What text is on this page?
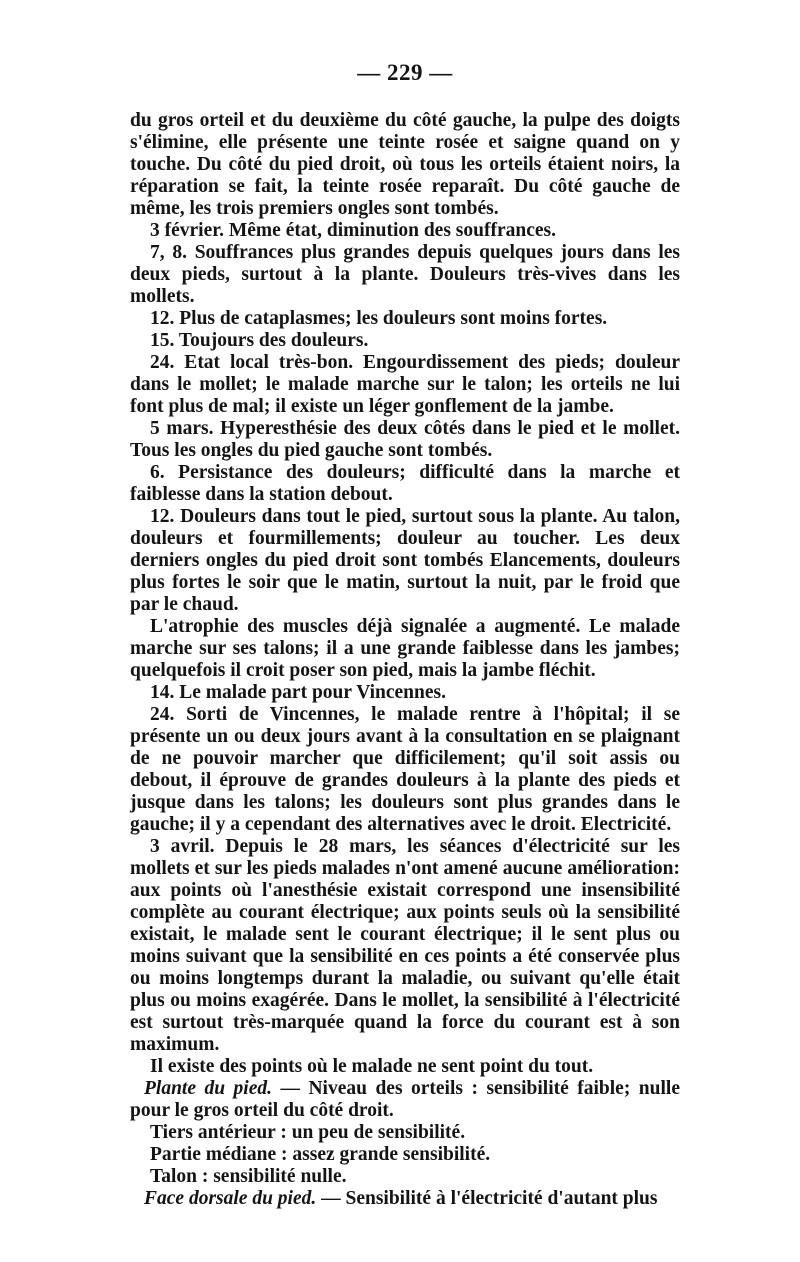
— 229 —

du gros orteil et du deuxième du côté gauche, la pulpe des doigts s'élimine, elle présente une teinte rosée et saigne quand on y touche. Du côté du pied droit, où tous les orteils étaient noirs, la réparation se fait, la teinte rosée reparaît. Du côté gauche de même, les trois premiers ongles sont tombés.

3 février. Même état, diminution des souffrances.

7, 8. Souffrances plus grandes depuis quelques jours dans les deux pieds, surtout à la plante. Douleurs très-vives dans les mollets.

12. Plus de cataplasmes; les douleurs sont moins fortes.

15. Toujours des douleurs.

24. Etat local très-bon. Engourdissement des pieds; douleur dans le mollet; le malade marche sur le talon; les orteils ne lui font plus de mal; il existe un léger gonflement de la jambe.

5 mars. Hyperesthésie des deux côtés dans le pied et le mollet. Tous les ongles du pied gauche sont tombés.

6. Persistance des douleurs; difficulté dans la marche et faiblesse dans la station debout.

12. Douleurs dans tout le pied, surtout sous la plante. Au talon, douleurs et fourmillements; douleur au toucher. Les deux derniers ongles du pied droit sont tombés Elancements, douleurs plus fortes le soir que le matin, surtout la nuit, par le froid que par le chaud.

L'atrophie des muscles déjà signalée a augmenté. Le malade marche sur ses talons; il a une grande faiblesse dans les jambes; quelquefois il croit poser son pied, mais la jambe fléchit.

14. Le malade part pour Vincennes.

24. Sorti de Vincennes, le malade rentre à l'hôpital; il se présente un ou deux jours avant à la consultation en se plaignant de ne pouvoir marcher que difficilement; qu'il soit assis ou debout, il éprouve de grandes douleurs à la plante des pieds et jusque dans les talons; les douleurs sont plus grandes dans le gauche; il y a cependant des alternatives avec le droit. Electricité.

3 avril. Depuis le 28 mars, les séances d'électricité sur les mollets et sur les pieds malades n'ont amené aucune amélioration: aux points où l'anesthésie existait correspond une insensibilité complète au courant électrique; aux points seuls où la sensibilité existait, le malade sent le courant électrique; il le sent plus ou moins suivant que la sensibilité en ces points a été conservée plus ou moins longtemps durant la maladie, ou suivant qu'elle était plus ou moins exagérée. Dans le mollet, la sensibilité à l'électricité est surtout très-marquée quand la force du courant est à son maximum.

Il existe des points où le malade ne sent point du tout.

Plante du pied. — Niveau des orteils : sensibilité faible; nulle pour le gros orteil du côté droit.

Tiers antérieur : un peu de sensibilité.

Partie médiane : assez grande sensibilité.

Talon : sensibilité nulle.

Face dorsale du pied. — Sensibilité à l'électricité d'autant plus
